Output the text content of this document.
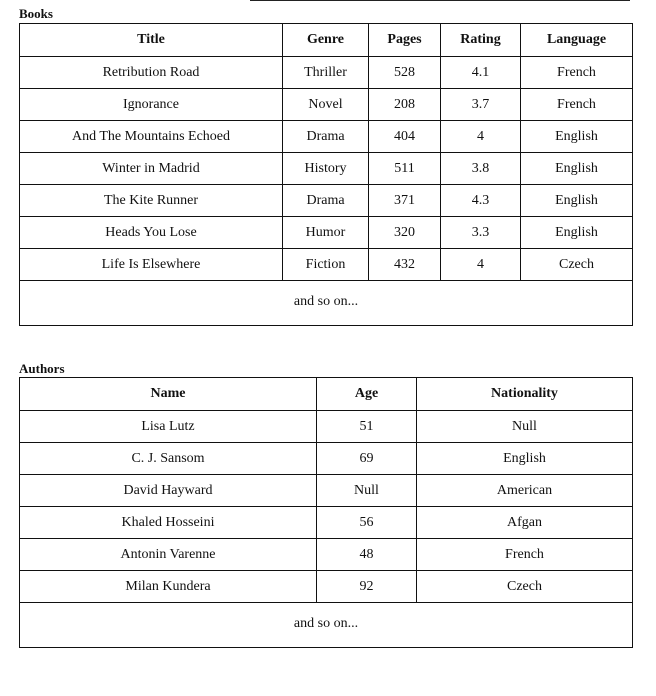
Books
Title	Genre	Pages	Rating	Language
Retribution Road	Thriller	528	4.1	French
Ignorance	Novel	208	3.7	French
And The Mountains Echoed	Drama	404	4	English
Winter in Madrid	History	511	3.8	English
The Kite Runner	Drama	371	4.3	English
Heads You Lose	Humor	320	3.3	English
Life Is Elsewhere	Fiction	432	4	Czech
and so on...				
Authors
Name	Age	Nationality
Lisa Lutz	51	Null
C. J. Sansom	69	English
David Hayward	Null	American
Khaled Hosseini	56	Afgan
Antonin Varenne	48	French
Milan Kundera	92	Czech
and so on...		
